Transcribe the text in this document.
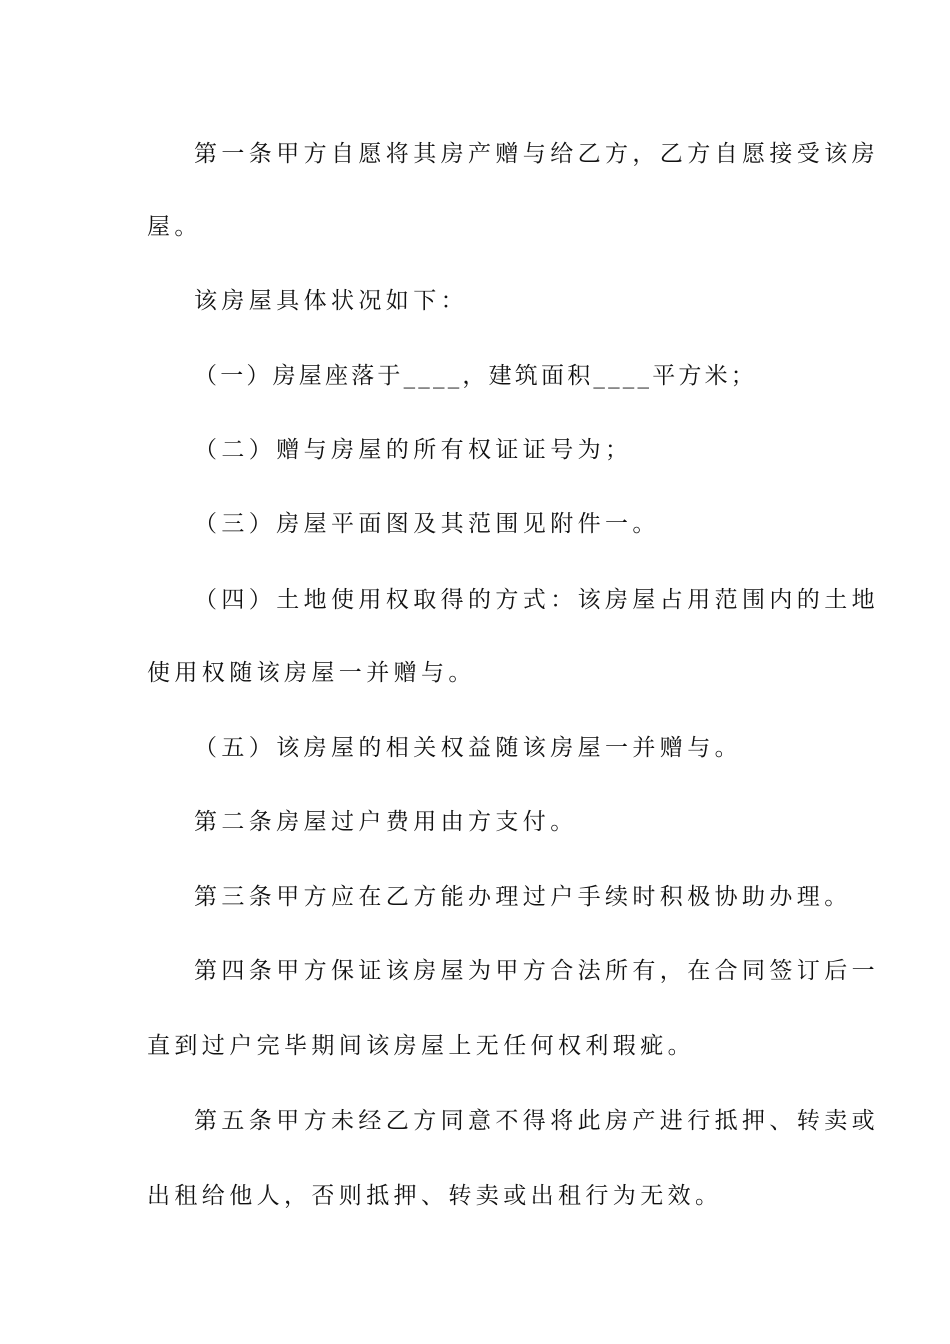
第一条甲方自愿将其房产赠与给乙方，乙方自愿接受该房
屋。
该房屋具体状况如下：
（一）房屋座落于____，建筑面积____平方米；
（二）赠与房屋的所有权证证号为；
（三）房屋平面图及其范围见附件一。
（四）土地使用权取得的方式：该房屋占用范围内的土地
使用权随该房屋一并赠与。
（五）该房屋的相关权益随该房屋一并赠与。
第二条房屋过户费用由方支付。
第三条甲方应在乙方能办理过户手续时积极协助办理。
第四条甲方保证该房屋为甲方合法所有，在合同签订后一
直到过户完毕期间该房屋上无任何权利瑕疵。
第五条甲方未经乙方同意不得将此房产进行抵押、转卖或
出租给他人，否则抵押、转卖或出租行为无效。
